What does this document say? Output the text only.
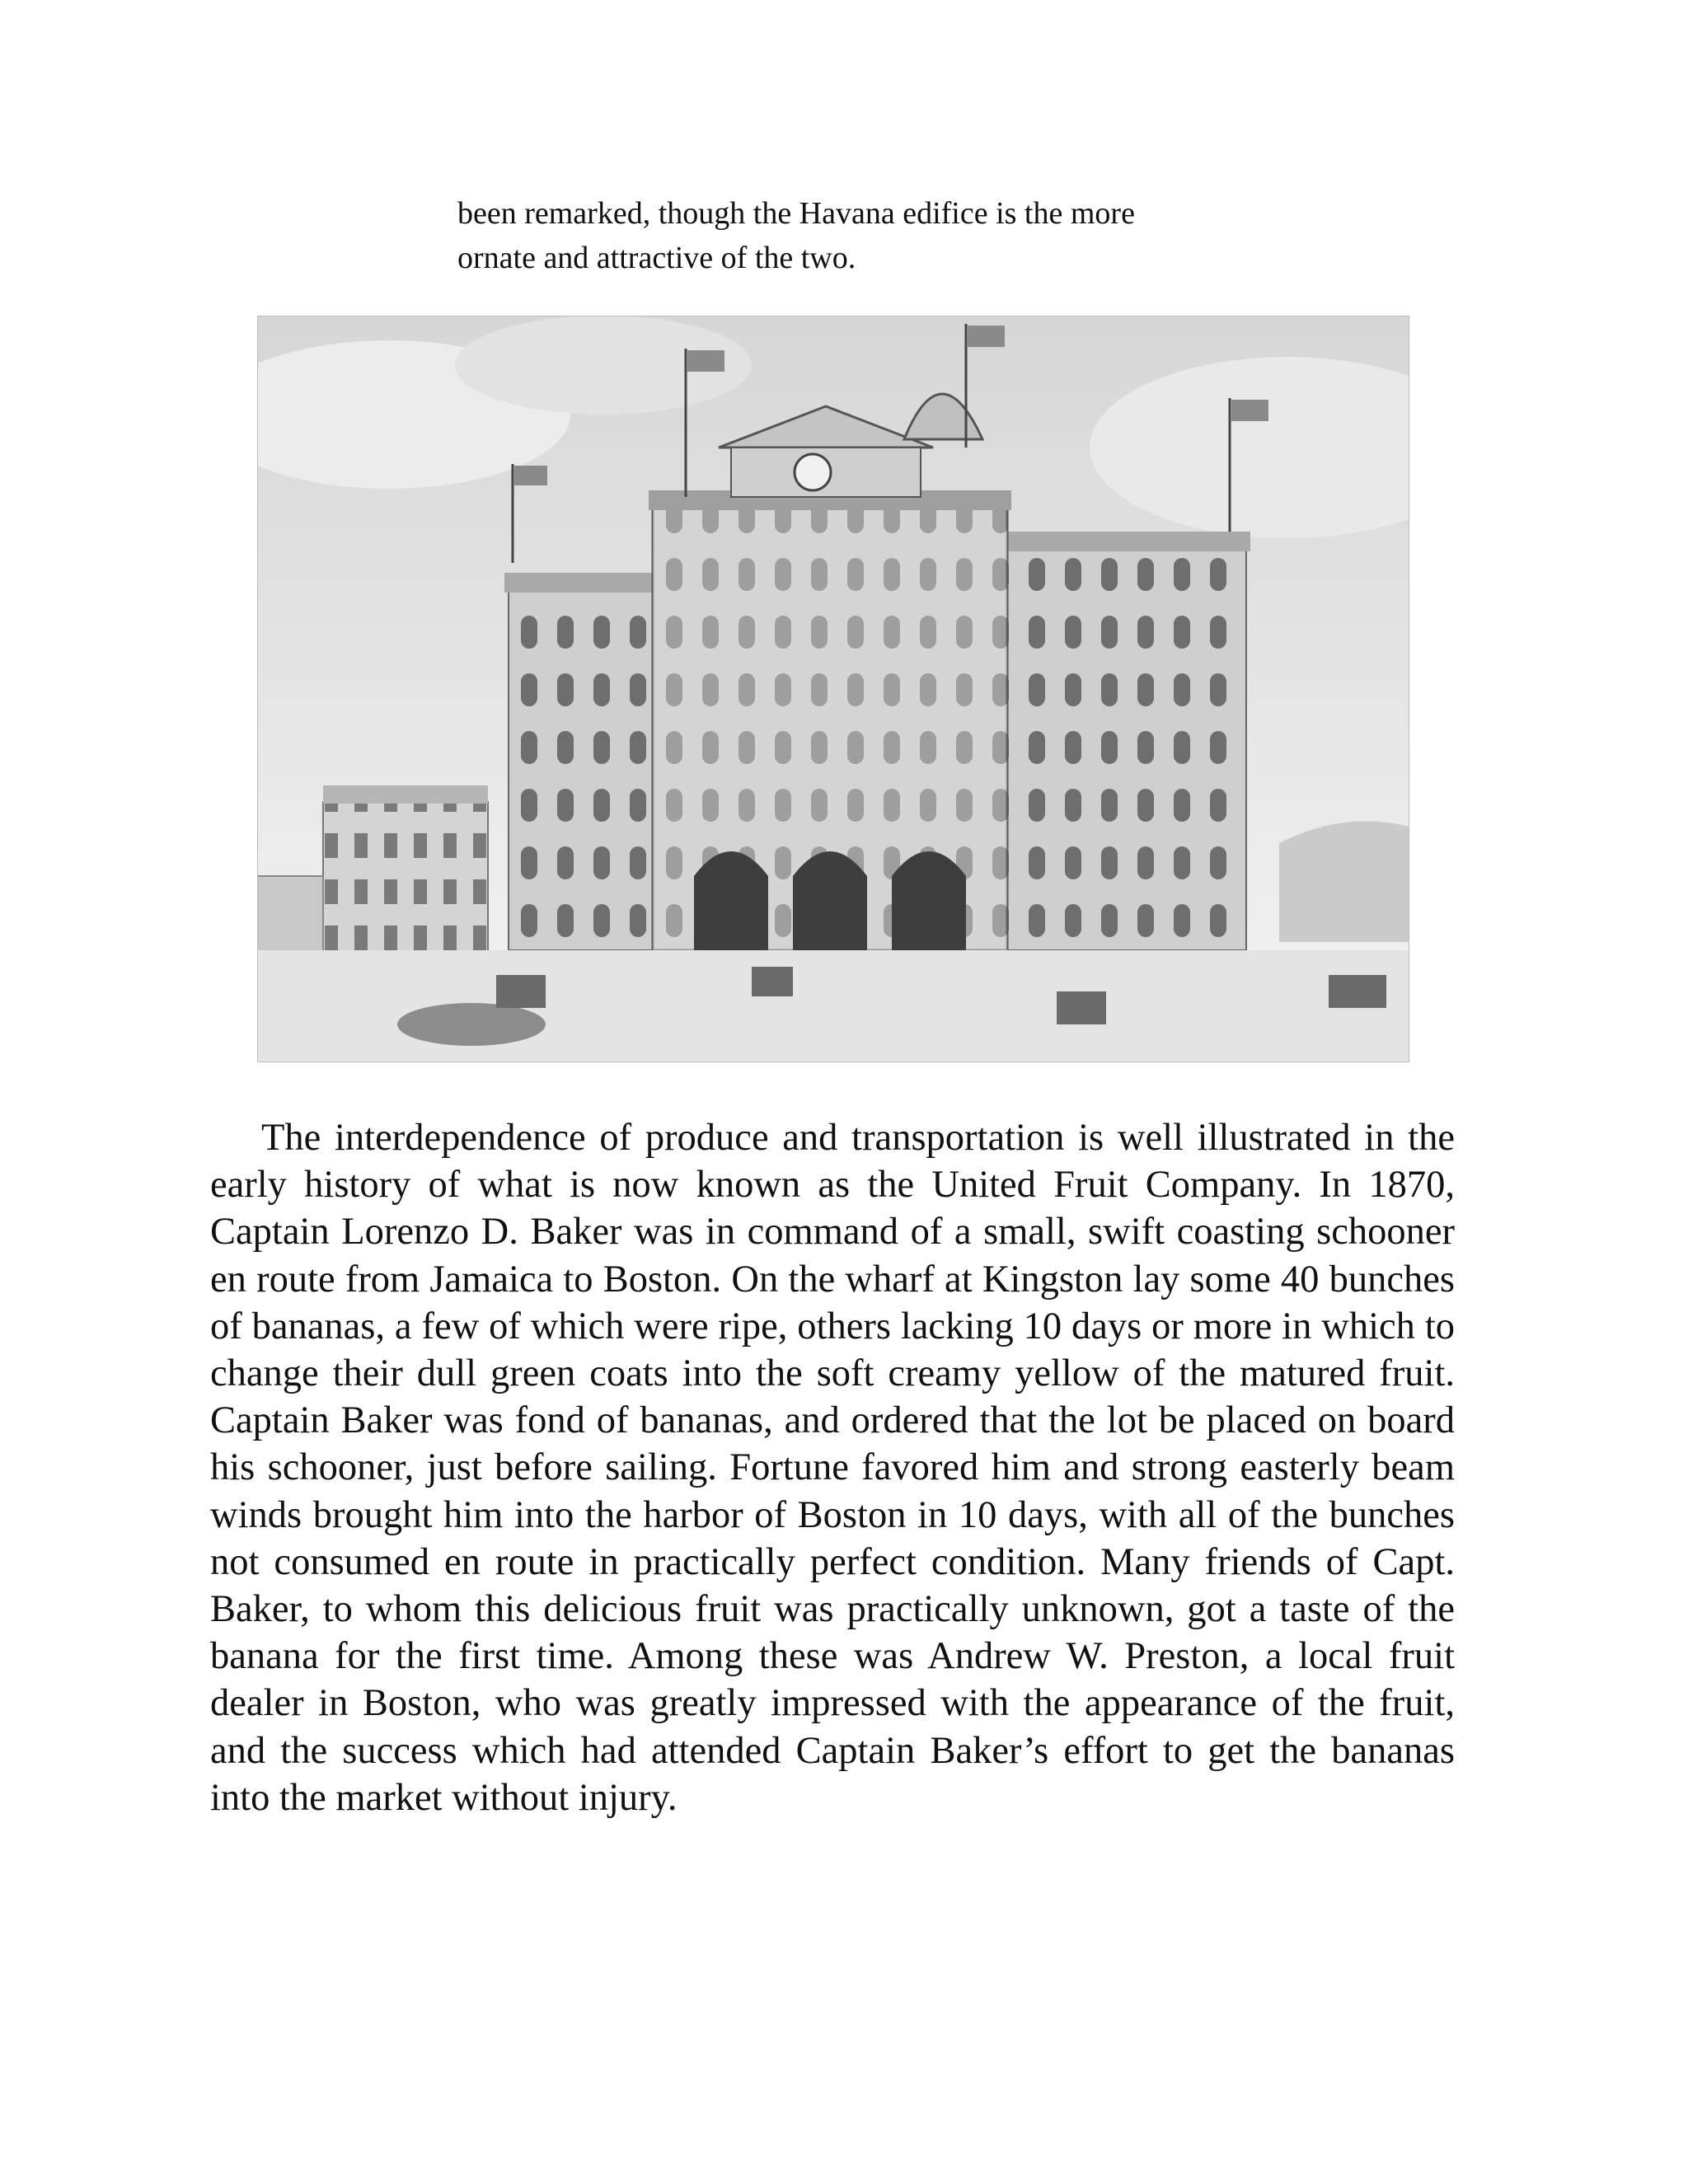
been remarked, though the Havana edifice is the more

ornate and attractive of the two.

The interdependence of produce and transportation is well illustrated in the early history of what is now known as the United Fruit Company. In 1870, Captain Lorenzo D. Baker was in command of a small, swift coasting schooner en route from Jamaica to Boston. On the wharf at Kingston lay some 40 bunches of bananas, a few of which were ripe, others lacking 10 days or more in which to change their dull green coats into the soft creamy yellow of the matured fruit. Captain Baker was fond of bananas, and ordered that the lot be placed on board his schooner, just before sailing. Fortune favored him and strong easterly beam winds brought him into the harbor of Boston in 10 days, with all of the bunches not consumed en route in practically perfect condition. Many friends of Capt. Baker, to whom this delicious fruit was practically unknown, got a taste of the banana for the first time. Among these was Andrew W. Preston, a local fruit dealer in Boston, who was greatly impressed with the appearance of the fruit, and the success which had attended Captain Baker’s effort to get the bananas into the market without injury.
